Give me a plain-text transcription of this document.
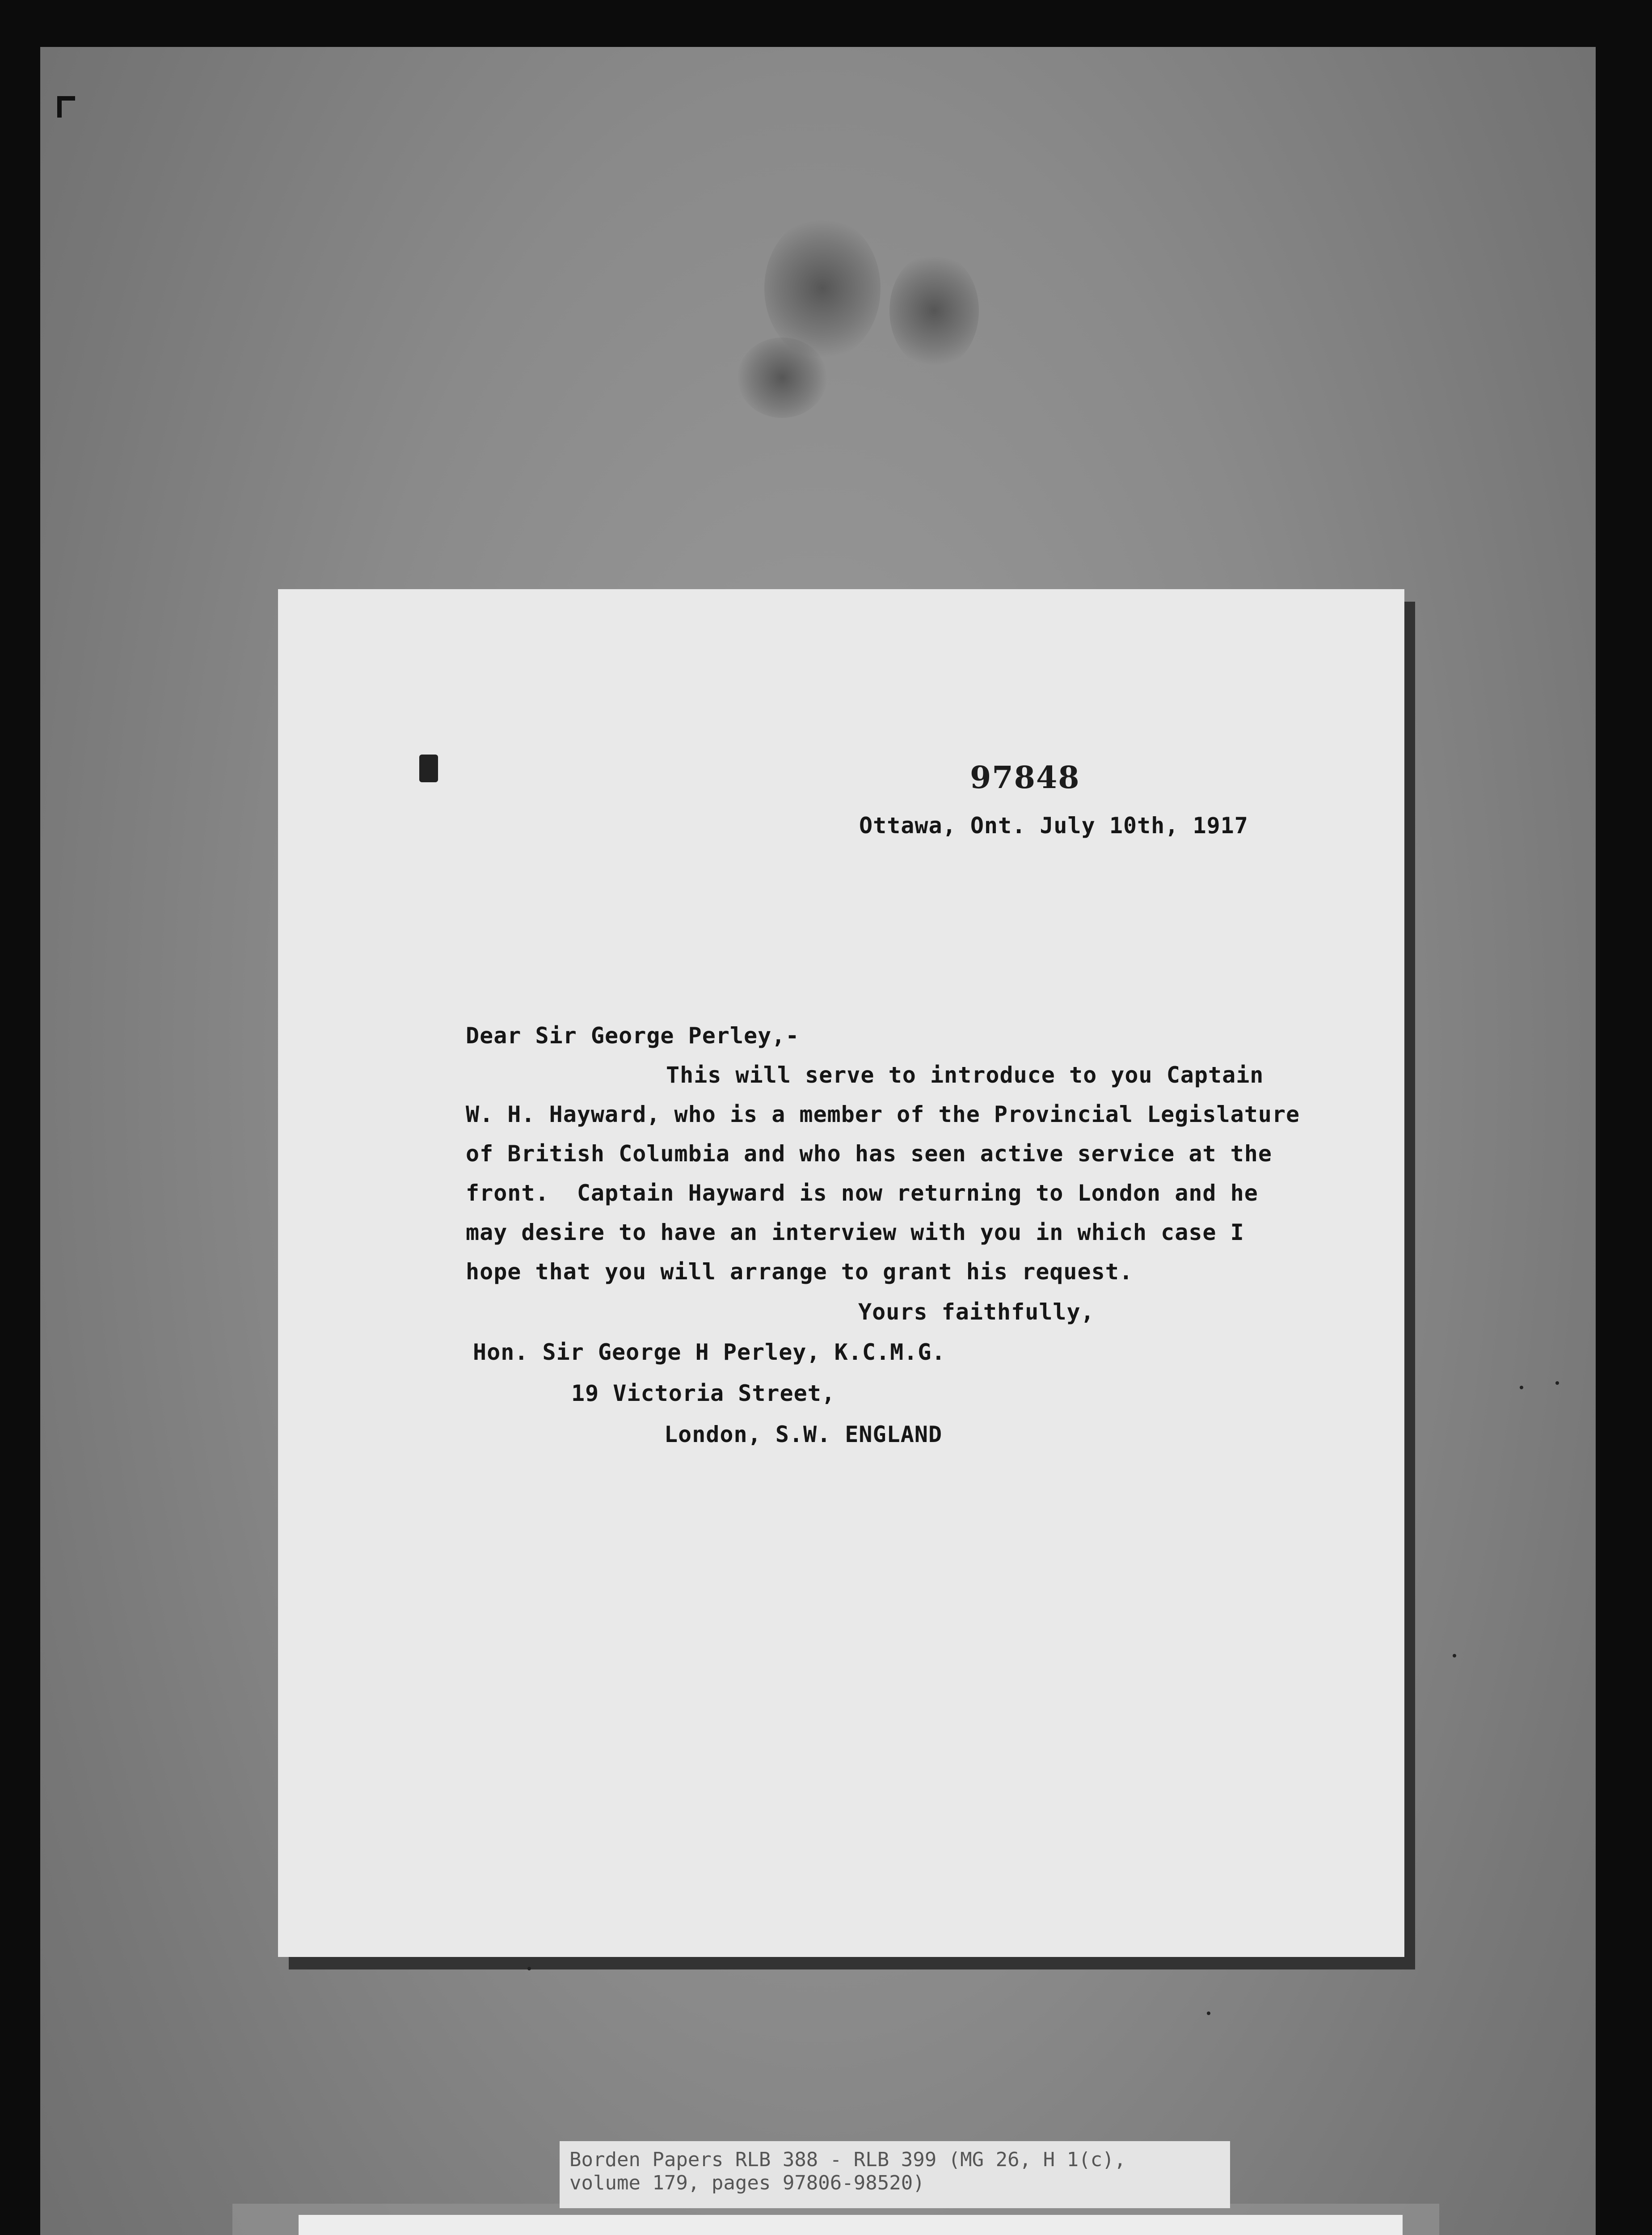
Ottawa, Ont. July 10th, 1917
Dear Sir George Perley,-
This will serve to introduce to you Captain
W. H. Hayward, who is a member of the Provincial Legislature
of British Columbia and who has seen active service at the
front.  Captain Hayward is now returning to London and he
may desire to have an interview with you in which case I
hope that you will arrange to grant his request.
Yours faithfully,
Hon. Sir George H Perley, K.C.M.G.
19 Victoria Street,
London, S.W. ENGLAND
97848
Borden Papers RLB 388 - RLB 399 (MG 26, H 1(c),
volume 179, pages 97806-98520)
